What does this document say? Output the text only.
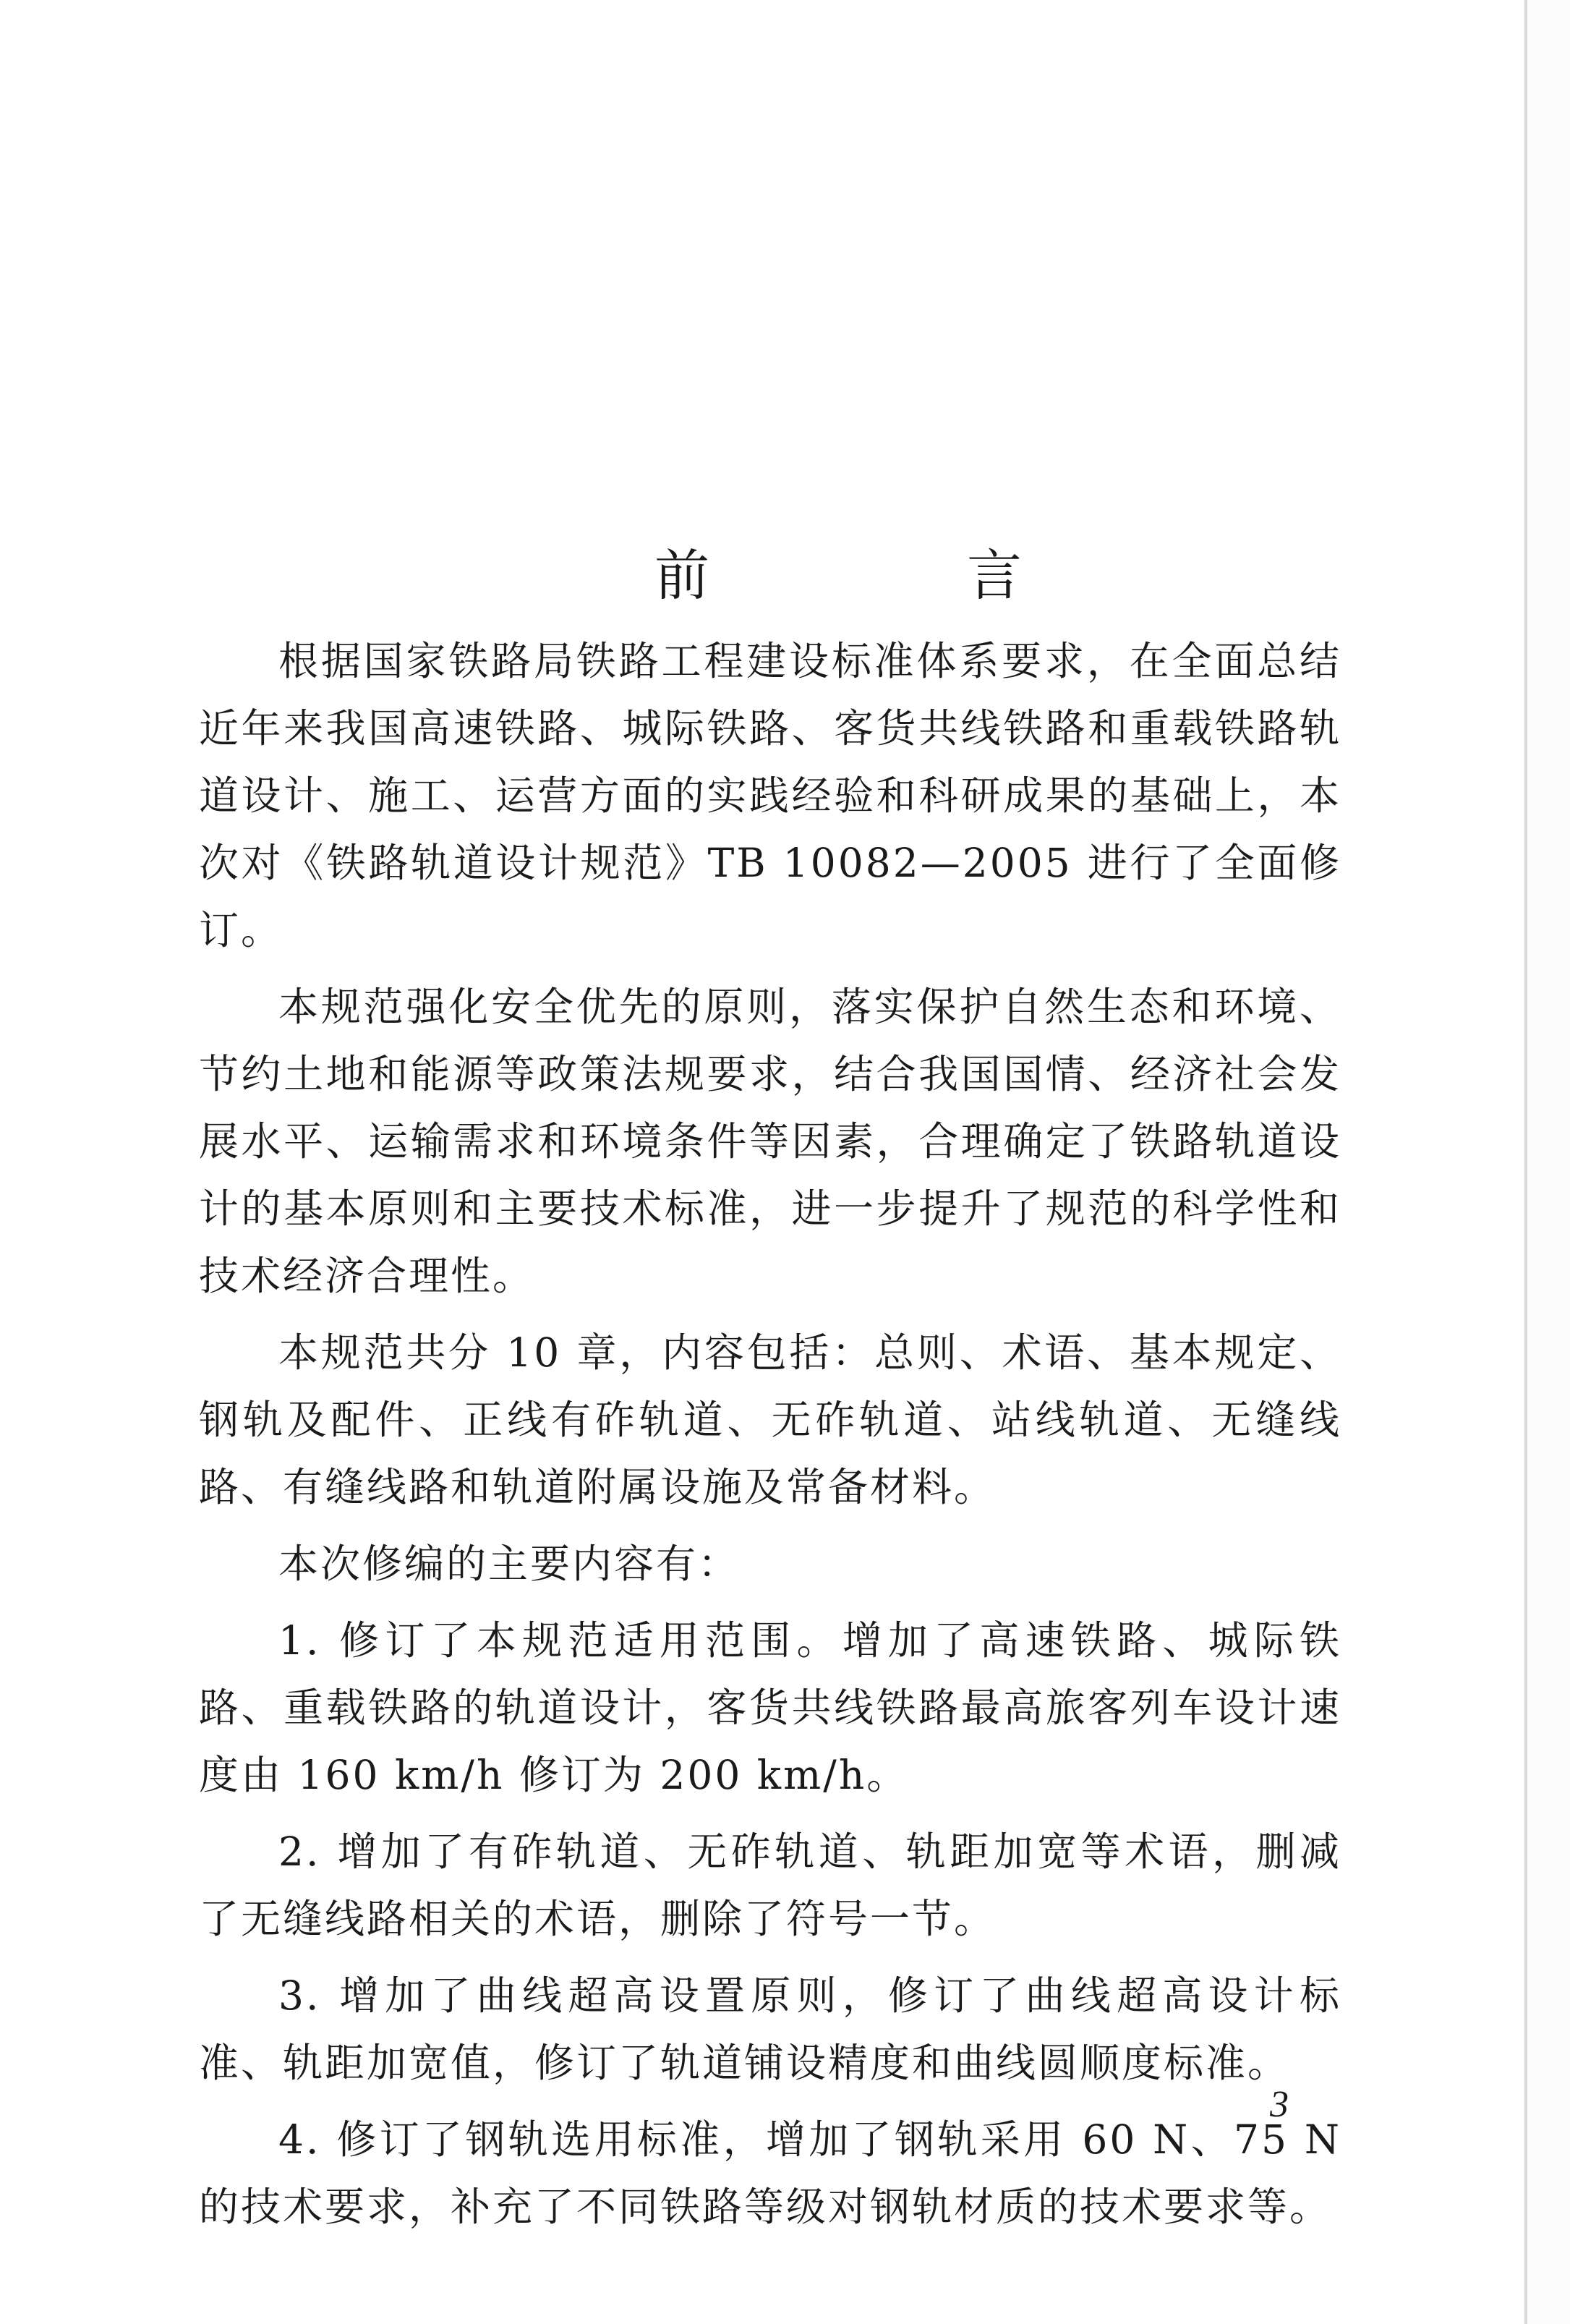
前　言

根据国家铁路局铁路工程建设标准体系要求，在全面总结近年来我国高速铁路、城际铁路、客货共线铁路和重载铁路轨道设计、施工、运营方面的实践经验和科研成果的基础上，本次对《铁路轨道设计规范》TB 10082—2005 进行了全面修订。

本规范强化安全优先的原则，落实保护自然生态和环境、节约土地和能源等政策法规要求，结合我国国情、经济社会发展水平、运输需求和环境条件等因素，合理确定了铁路轨道设计的基本原则和主要技术标准，进一步提升了规范的科学性和技术经济合理性。

本规范共分 10 章，内容包括：总则、术语、基本规定、钢轨及配件、正线有砟轨道、无砟轨道、站线轨道、无缝线路、有缝线路和轨道附属设施及常备材料。

本次修编的主要内容有：

1. 修订了本规范适用范围。增加了高速铁路、城际铁路、重载铁路的轨道设计，客货共线铁路最高旅客列车设计速度由 160 km/h 修订为 200 km/h。

2. 增加了有砟轨道、无砟轨道、轨距加宽等术语，删减了无缝线路相关的术语，删除了符号一节。

3. 增加了曲线超高设置原则，修订了曲线超高设计标准、轨距加宽值，修订了轨道铺设精度和曲线圆顺度标准。

4. 修订了钢轨选用标准，增加了钢轨采用 60 N、75 N 的技术要求，补充了不同铁路等级对钢轨材质的技术要求等。

3
